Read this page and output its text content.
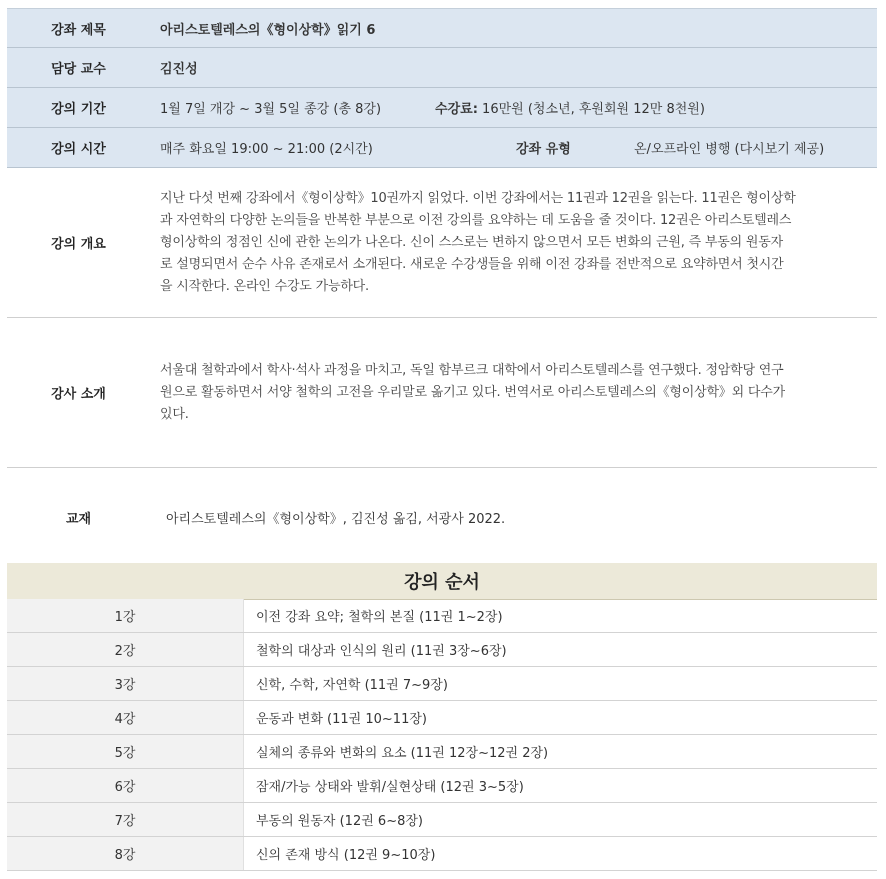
강좌 제목	아리스토텔레스의《형이상학》읽기 6
담당 교수	김진성
강의 기간	1월 7일 개강 ~ 3월 5일 종강 (총 8강)	수강료: 16만원 (청소년, 후원회원 12만 8천원)
강의 시간	매주 화요일 19:00 ~ 21:00 (2시간)	강좌 유형	온/오프라인 병행 (다시보기 제공)
강의 개요
지난 다섯 번째 강좌에서《형이상학》10권까지 읽었다. 이번 강좌에서는 11권과 12권을 읽는다. 11권은 형이상학
과 자연학의 다양한 논의들을 반복한 부분으로 이전 강의를 요약하는 데 도움을 줄 것이다. 12권은 아리스토텔레스
형이상학의 정점인 신에 관한 논의가 나온다. 신이 스스로는 변하지 않으면서 모든 변화의 근원, 즉 부동의 원동자
로 설명되면서 순수 사유 존재로서 소개된다. 새로운 수강생들을 위해 이전 강좌를 전반적으로 요약하면서 첫시간
을 시작한다. 온라인 수강도 가능하다.
강사 소개
서울대 철학과에서 학사·석사 과정을 마치고, 독일 함부르크 대학에서 아리스토텔레스를 연구했다. 정암학당 연구
원으로 활동하면서 서양 철학의 고전을 우리말로 옮기고 있다. 번역서로 아리스토텔레스의《형이상학》외 다수가
있다.
교재	아리스토텔레스의《형이상학》, 김진성 옮김, 서광사 2022.
강의 순서
1강	이전 강좌 요약; 철학의 본질 (11권 1~2장)
2강	철학의 대상과 인식의 원리 (11권 3장~6장)
3강	신학, 수학, 자연학 (11권 7~9장)
4강	운동과 변화 (11권 10~11장)
5강	실체의 종류와 변화의 요소 (11권 12장~12권 2장)
6강	잠재/가능 상태와 발휘/실현상태 (12권 3~5장)
7강	부동의 원동자 (12권 6~8장)
8강	신의 존재 방식 (12권 9~10장)
